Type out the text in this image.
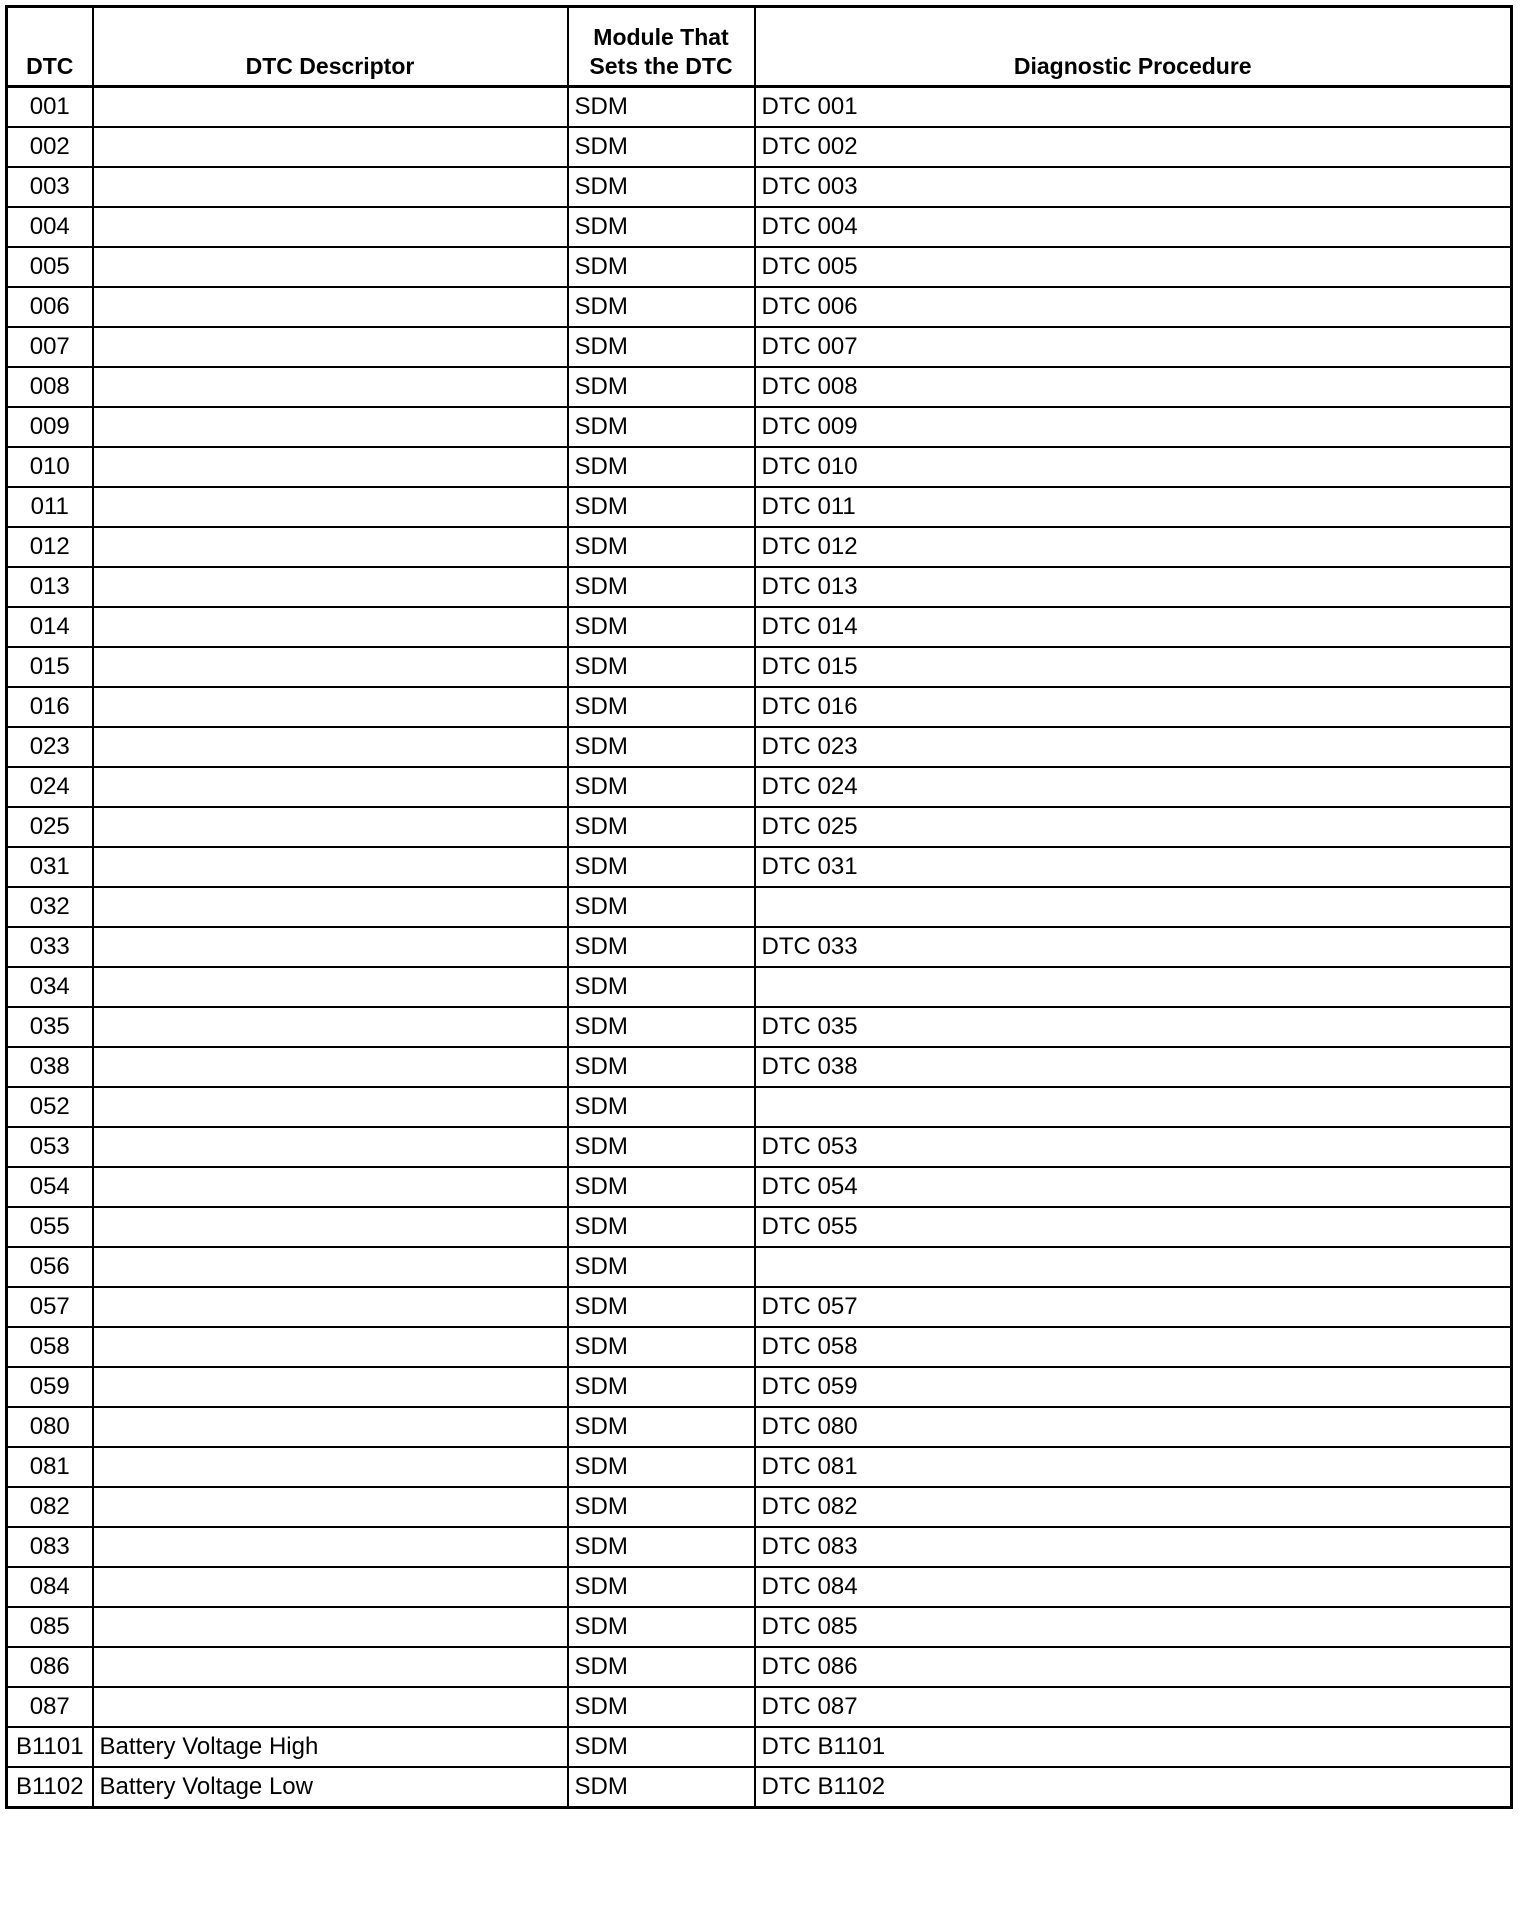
DTC	DTC Descriptor	Module That Sets the DTC	Diagnostic Procedure
001		SDM	DTC 001
002		SDM	DTC 002
003		SDM	DTC 003
004		SDM	DTC 004
005		SDM	DTC 005
006		SDM	DTC 006
007		SDM	DTC 007
008		SDM	DTC 008
009		SDM	DTC 009
010		SDM	DTC 010
011		SDM	DTC 011
012		SDM	DTC 012
013		SDM	DTC 013
014		SDM	DTC 014
015		SDM	DTC 015
016		SDM	DTC 016
023		SDM	DTC 023
024		SDM	DTC 024
025		SDM	DTC 025
031		SDM	DTC 031
032		SDM	
033		SDM	DTC 033
034		SDM	
035		SDM	DTC 035
038		SDM	DTC 038
052		SDM	
053		SDM	DTC 053
054		SDM	DTC 054
055		SDM	DTC 055
056		SDM	
057		SDM	DTC 057
058		SDM	DTC 058
059		SDM	DTC 059
080		SDM	DTC 080
081		SDM	DTC 081
082		SDM	DTC 082
083		SDM	DTC 083
084		SDM	DTC 084
085		SDM	DTC 085
086		SDM	DTC 086
087		SDM	DTC 087
B1101	Battery Voltage High	SDM	DTC B1101
B1102	Battery Voltage Low	SDM	DTC B1102
